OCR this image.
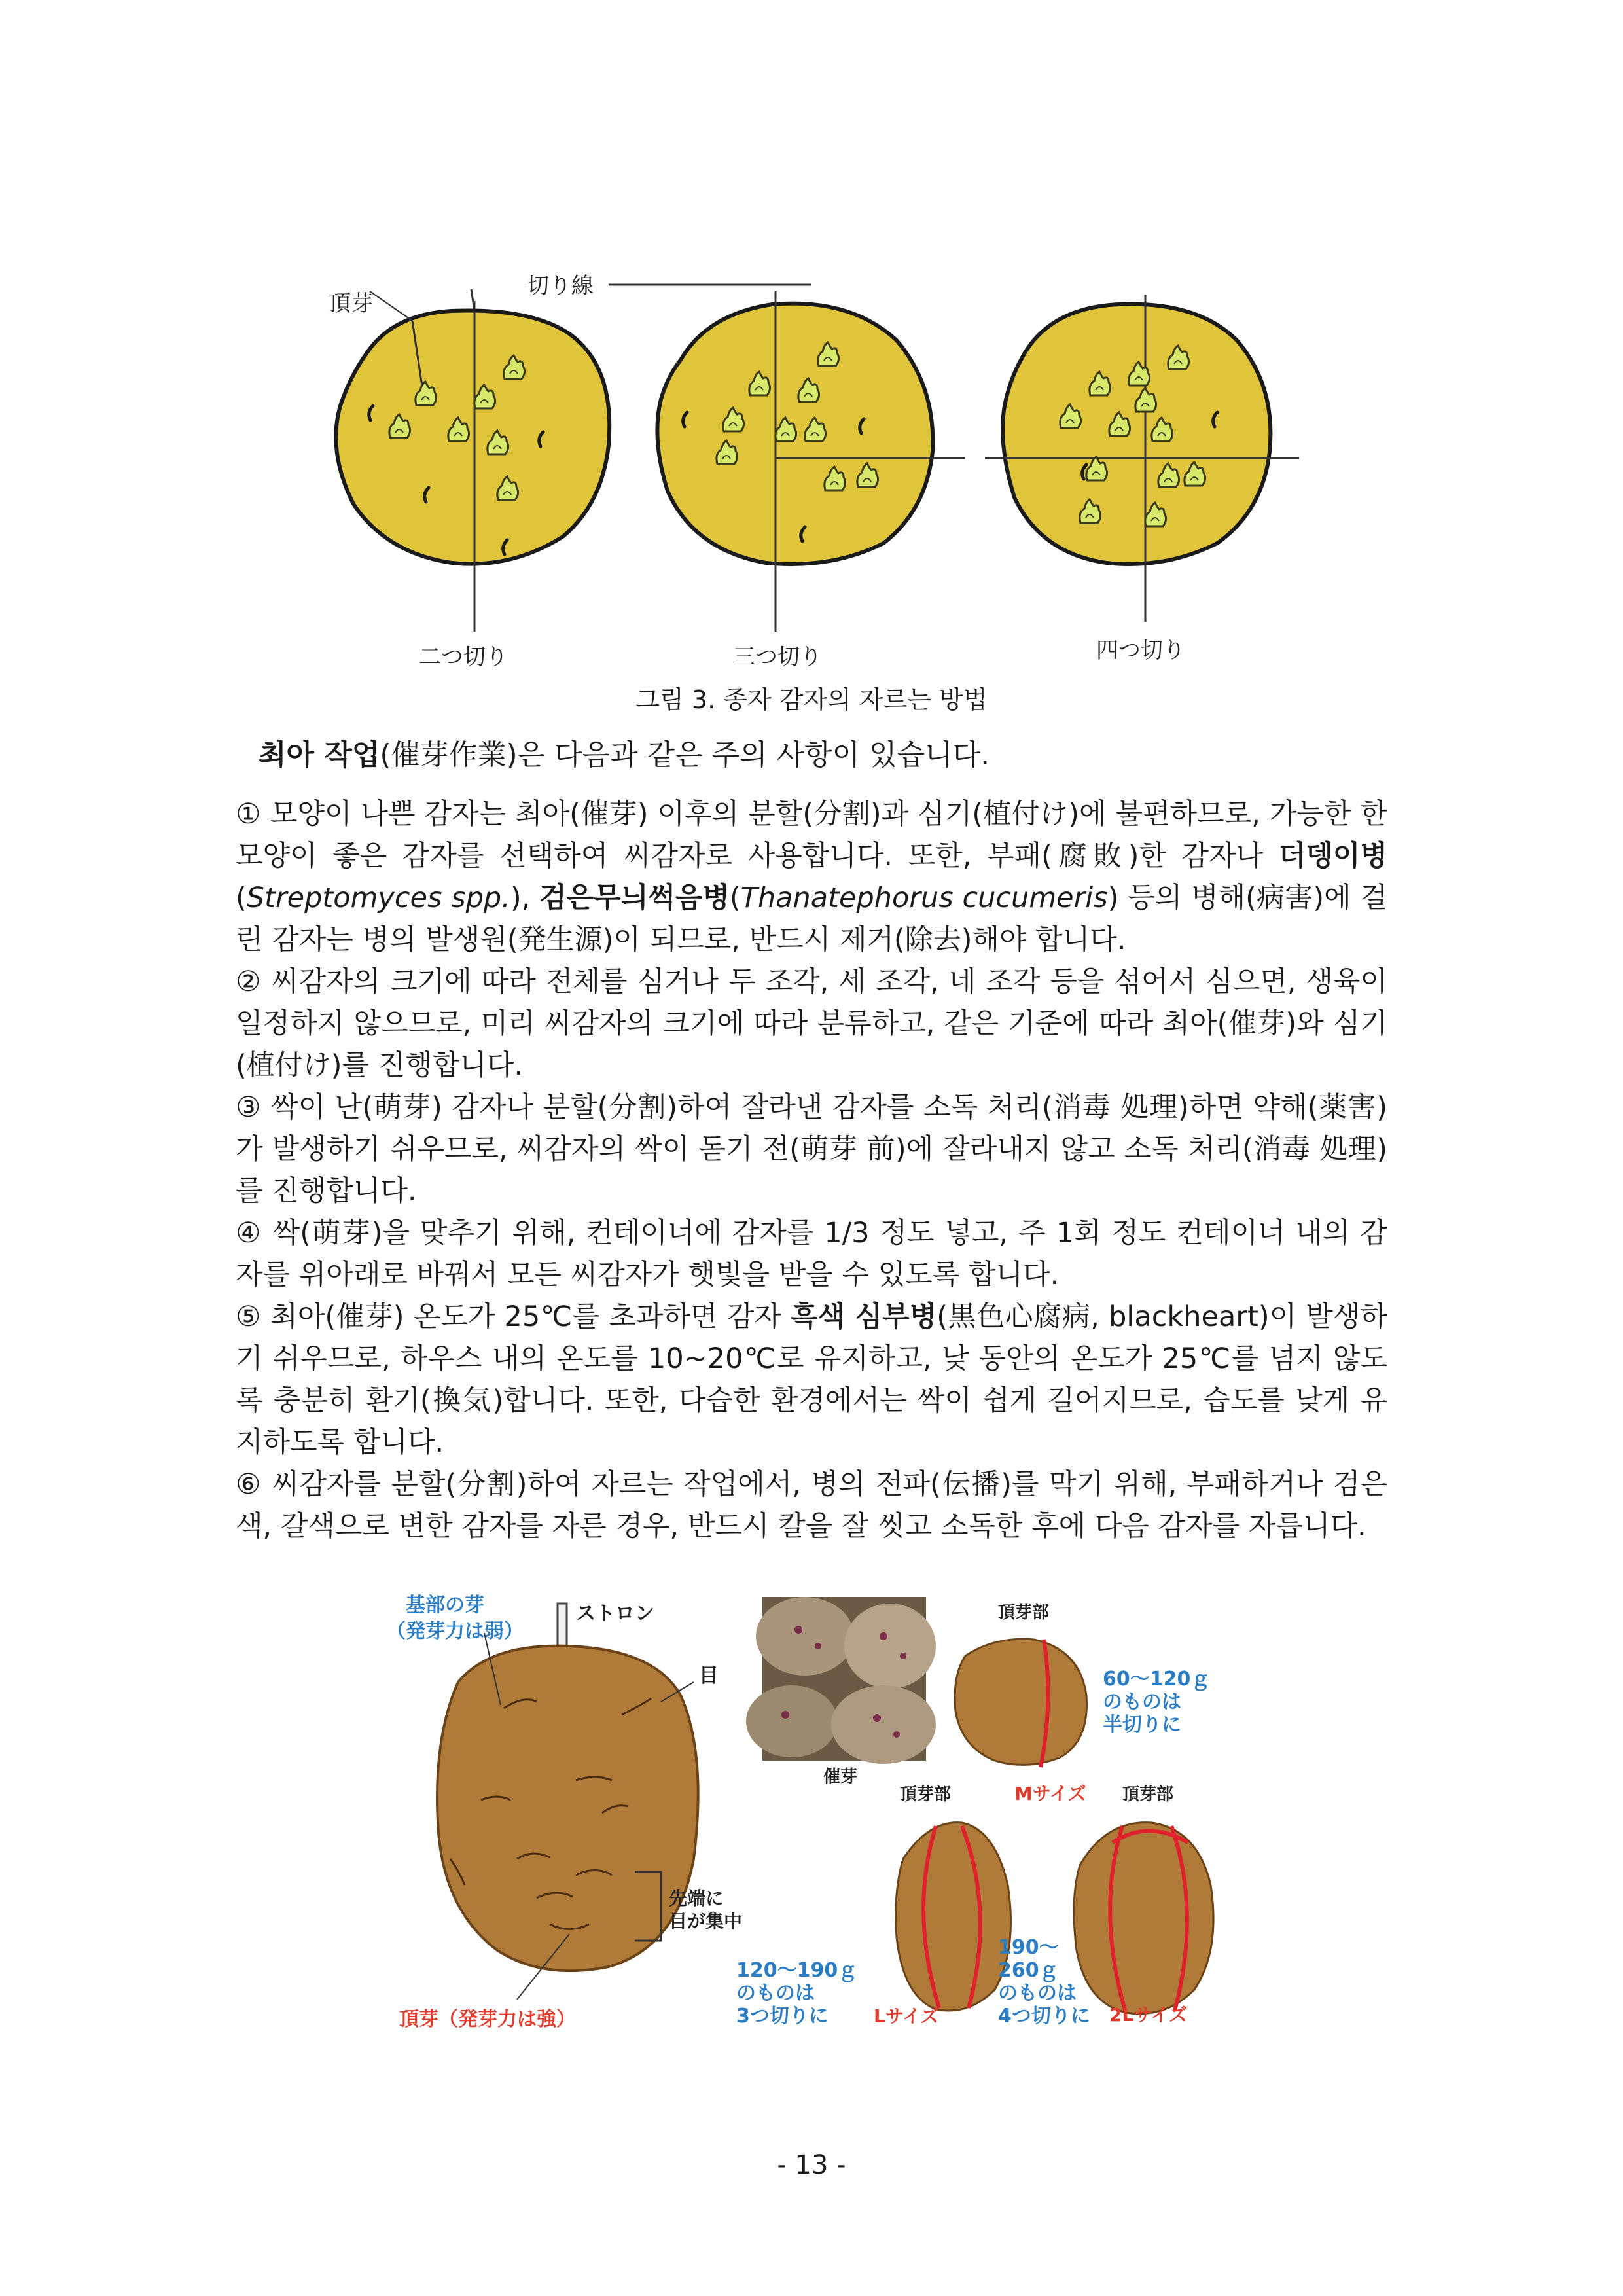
頂芽
切り線
二つ切り	三つ切り	四つ切り
그림 3. 종자 감자의 자르는 방법
최아 작업(催芽作業)은 다음과 같은 주의 사항이 있습니다.

① 모양이 나쁜 감자는 최아(催芽) 이후의 분할(分割)과 심기(植付け)에 불편하므로, 가능한 한 모양이 좋은 감자를 선택하여 씨감자로 사용합니다. 또한, 부패(腐敗)한 감자나 더뎅이병(Streptomyces spp.), 검은무늬썩음병(Thanatephorus cucumeris) 등의 병해(病害)에 걸린 감자는 병의 발생원(発生源)이 되므로, 반드시 제거(除去)해야 합니다.

② 씨감자의 크기에 따라 전체를 심거나 두 조각, 세 조각, 네 조각 등을 섞어서 심으면, 생육이 일정하지 않으므로, 미리 씨감자의 크기에 따라 분류하고, 같은 기준에 따라 최아(催芽)와 심기(植付け)를 진행합니다.

③ 싹이 난(萌芽) 감자나 분할(分割)하여 잘라낸 감자를 소독 처리(消毒 処理)하면 약해(薬害)가 발생하기 쉬우므로, 씨감자의 싹이 돋기 전(萌芽 前)에 잘라내지 않고 소독 처리(消毒 処理)를 진행합니다.

④ 싹(萌芽)을 맞추기 위해, 컨테이너에 감자를 1/3 정도 넣고, 주 1회 정도 컨테이너 내의 감자를 위아래로 바꿔서 모든 씨감자가 햇빛을 받을 수 있도록 합니다.

⑤ 최아(催芽) 온도가 25℃를 초과하면 감자 흑색 심부병(黒色心腐病, blackheart)이 발생하기 쉬우므로, 하우스 내의 온도를 10~20℃로 유지하고, 낮 동안의 온도가 25℃를 넘지 않도록 충분히 환기(換気)합니다. 또한, 다습한 환경에서는 싹이 쉽게 길어지므로, 습도를 낮게 유지하도록 합니다.

⑥ 씨감자를 분할(分割)하여 자르는 작업에서, 병의 전파(伝播)를 막기 위해, 부패하거나 검은색, 갈색으로 변한 감자를 자른 경우, 반드시 칼을 잘 씻고 소독한 후에 다음 감자를 자릅니다.

基部の芽
（発芽力は弱）
ストロン
目
先端に
目が集中
頂芽（発芽力は強）
催芽
頂芽部
60～120ｇ
のものは
半切りに
Mサイズ
頂芽部
120～190ｇ
のものは
3つ切りに Lサイズ
頂芽部
190～
260ｇ
のものは
4つ切りに 2Lサイズ
- 13 -
